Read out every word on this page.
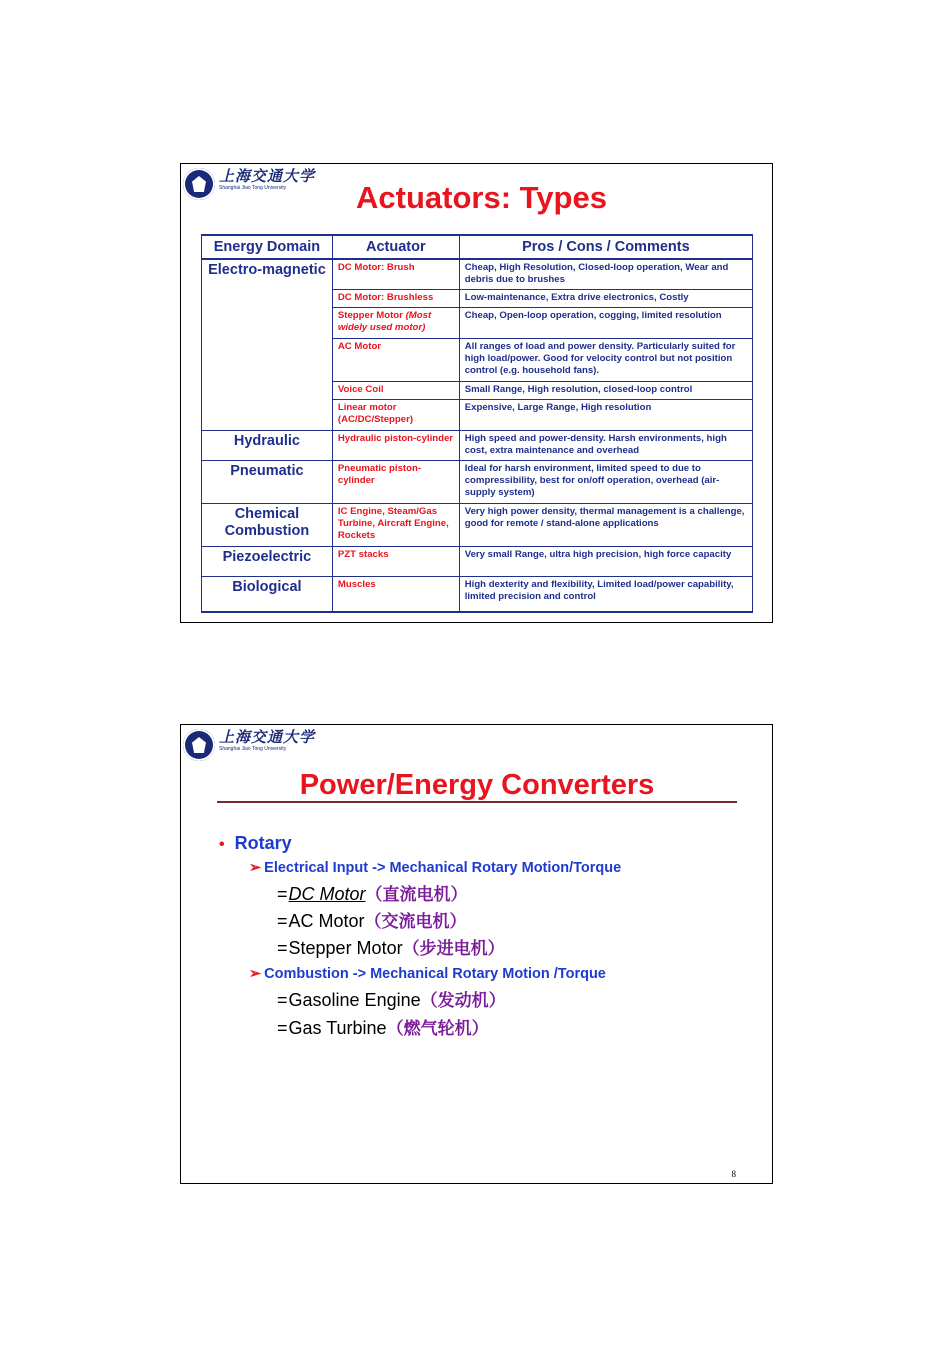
上海交通大学
Shanghai Jiao Tong University	Actuators: Types
Energy Domain	Actuator	Pros / Cons / Comments
Electro-magnetic	DC Motor: Brush	Cheap, High Resolution, Closed-loop operation, Wear and debris due to brushes
	DC Motor: Brushless	Low-maintenance, Extra drive electronics, Costly
	Stepper Motor (Most widely used motor)	Cheap, Open-loop operation, cogging, limited resolution
	AC Motor	All ranges of load and power density. Particularly suited for high load/power. Good for velocity control but not position control (e.g. household fans).
	Voice Coil	Small Range, High resolution, closed-loop control
	Linear motor (AC/DC/Stepper)	Expensive, Large Range, High resolution
Hydraulic	Hydraulic piston-cylinder	High speed and power-density. Harsh environments, high cost, extra maintenance and overhead
Pneumatic	Pneumatic piston-cylinder	Ideal for harsh environment, limited speed to due to compressibility, best for on/off operation, overhead (air-supply system)
Chemical Combustion	IC Engine, Steam/Gas Turbine, Aircraft Engine, Rockets	Very high power density, thermal management is a challenge, good for remote / stand-alone applications
Piezoelectric	PZT stacks	Very small Range, ultra high precision, high force capacity
Biological	Muscles	High dexterity and flexibility, Limited load/power capability, limited precision and control
上海交通大学
Shanghai Jiao Tong University
Power/Energy Converters
• Rotary
➢ Electrical Input -> Mechanical Rotary Motion/Torque
=DC Motor（直流电机）
=AC Motor（交流电机）
=Stepper Motor（步进电机）
➢ Combustion -> Mechanical Rotary Motion /Torque
=Gasoline Engine（发动机）
=Gas Turbine（燃气轮机）
8
